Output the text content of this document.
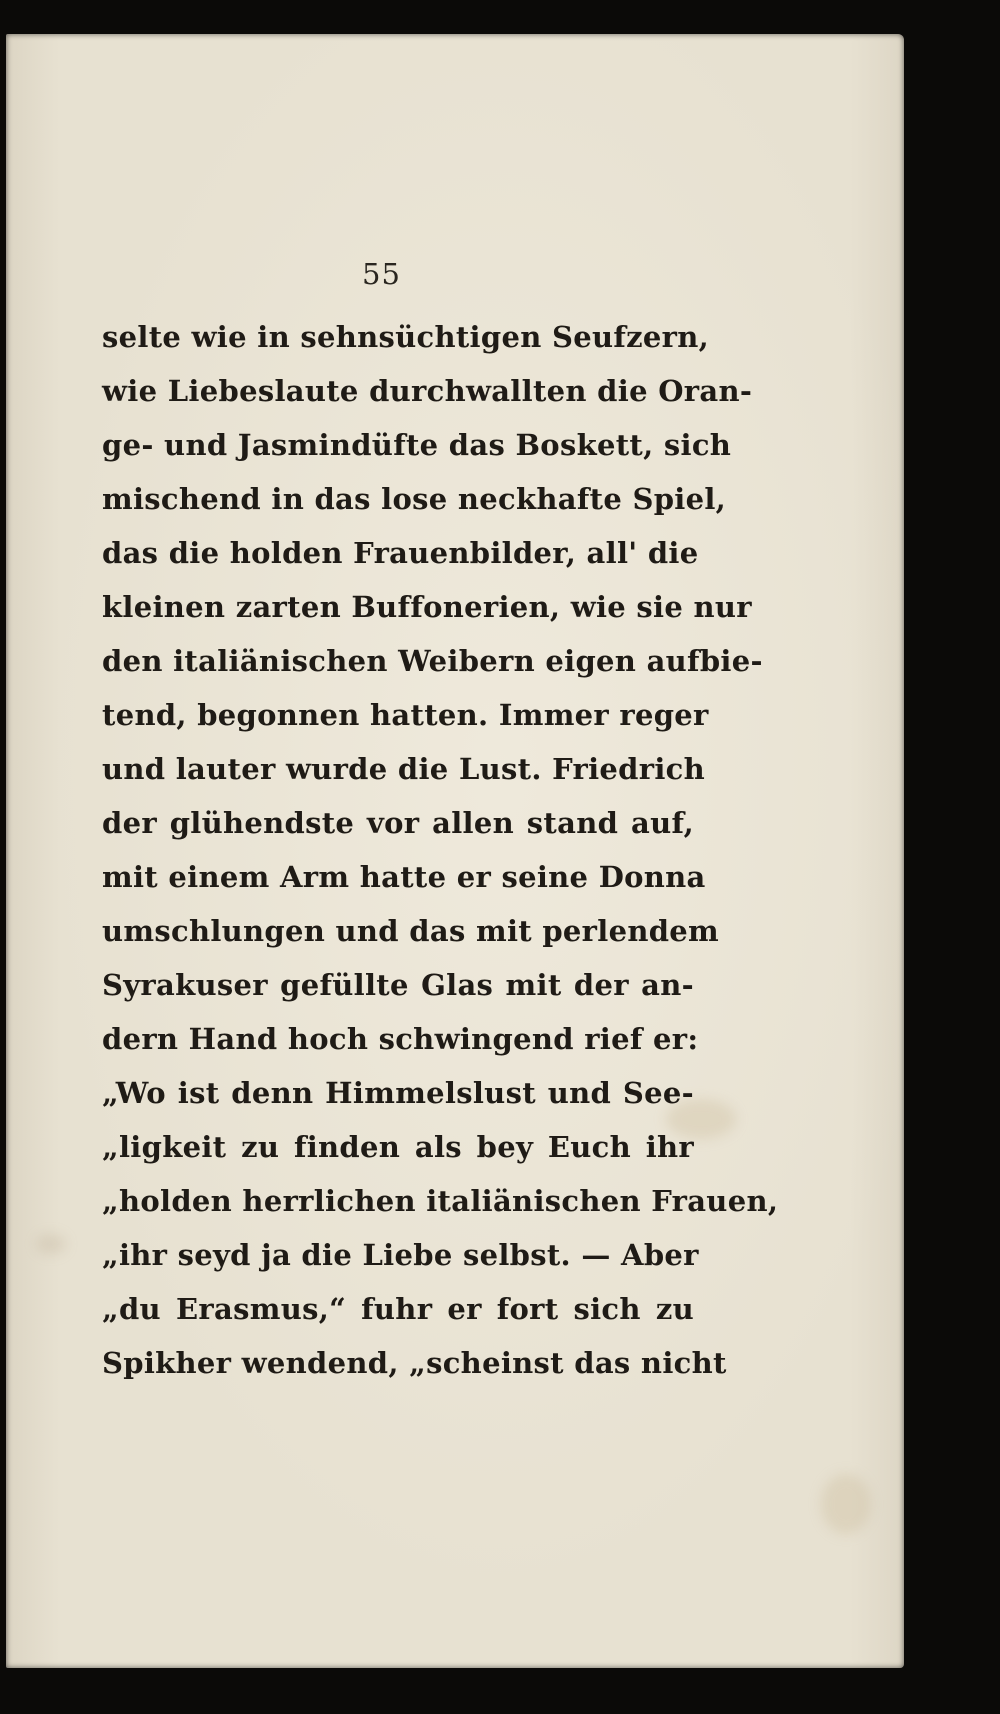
55
selte wie in sehnsüchtigen Seufzern,
wie Liebeslaute durchwallten die Oran-
ge- und Jasmindüfte das Boskett, sich
mischend in das lose neckhafte Spiel,
das die holden Frauenbilder, all' die
kleinen zarten Buffonerien, wie sie nur
den italiänischen Weibern eigen aufbie-
tend, begonnen hatten. Immer reger
und lauter wurde die Lust. Friedrich
der glühendste vor allen stand auf,
mit einem Arm hatte er seine Donna
umschlungen und das mit perlendem
Syrakuser gefüllte Glas mit der an-
dern Hand hoch schwingend rief er:
„Wo ist denn Himmelslust und See-
„ligkeit zu finden als bey Euch ihr
„holden herrlichen italiänischen Frauen,
„ihr seyd ja die Liebe selbst. — Aber
„du Erasmus,“ fuhr er fort sich zu
Spikher wendend, „scheinst das nicht
